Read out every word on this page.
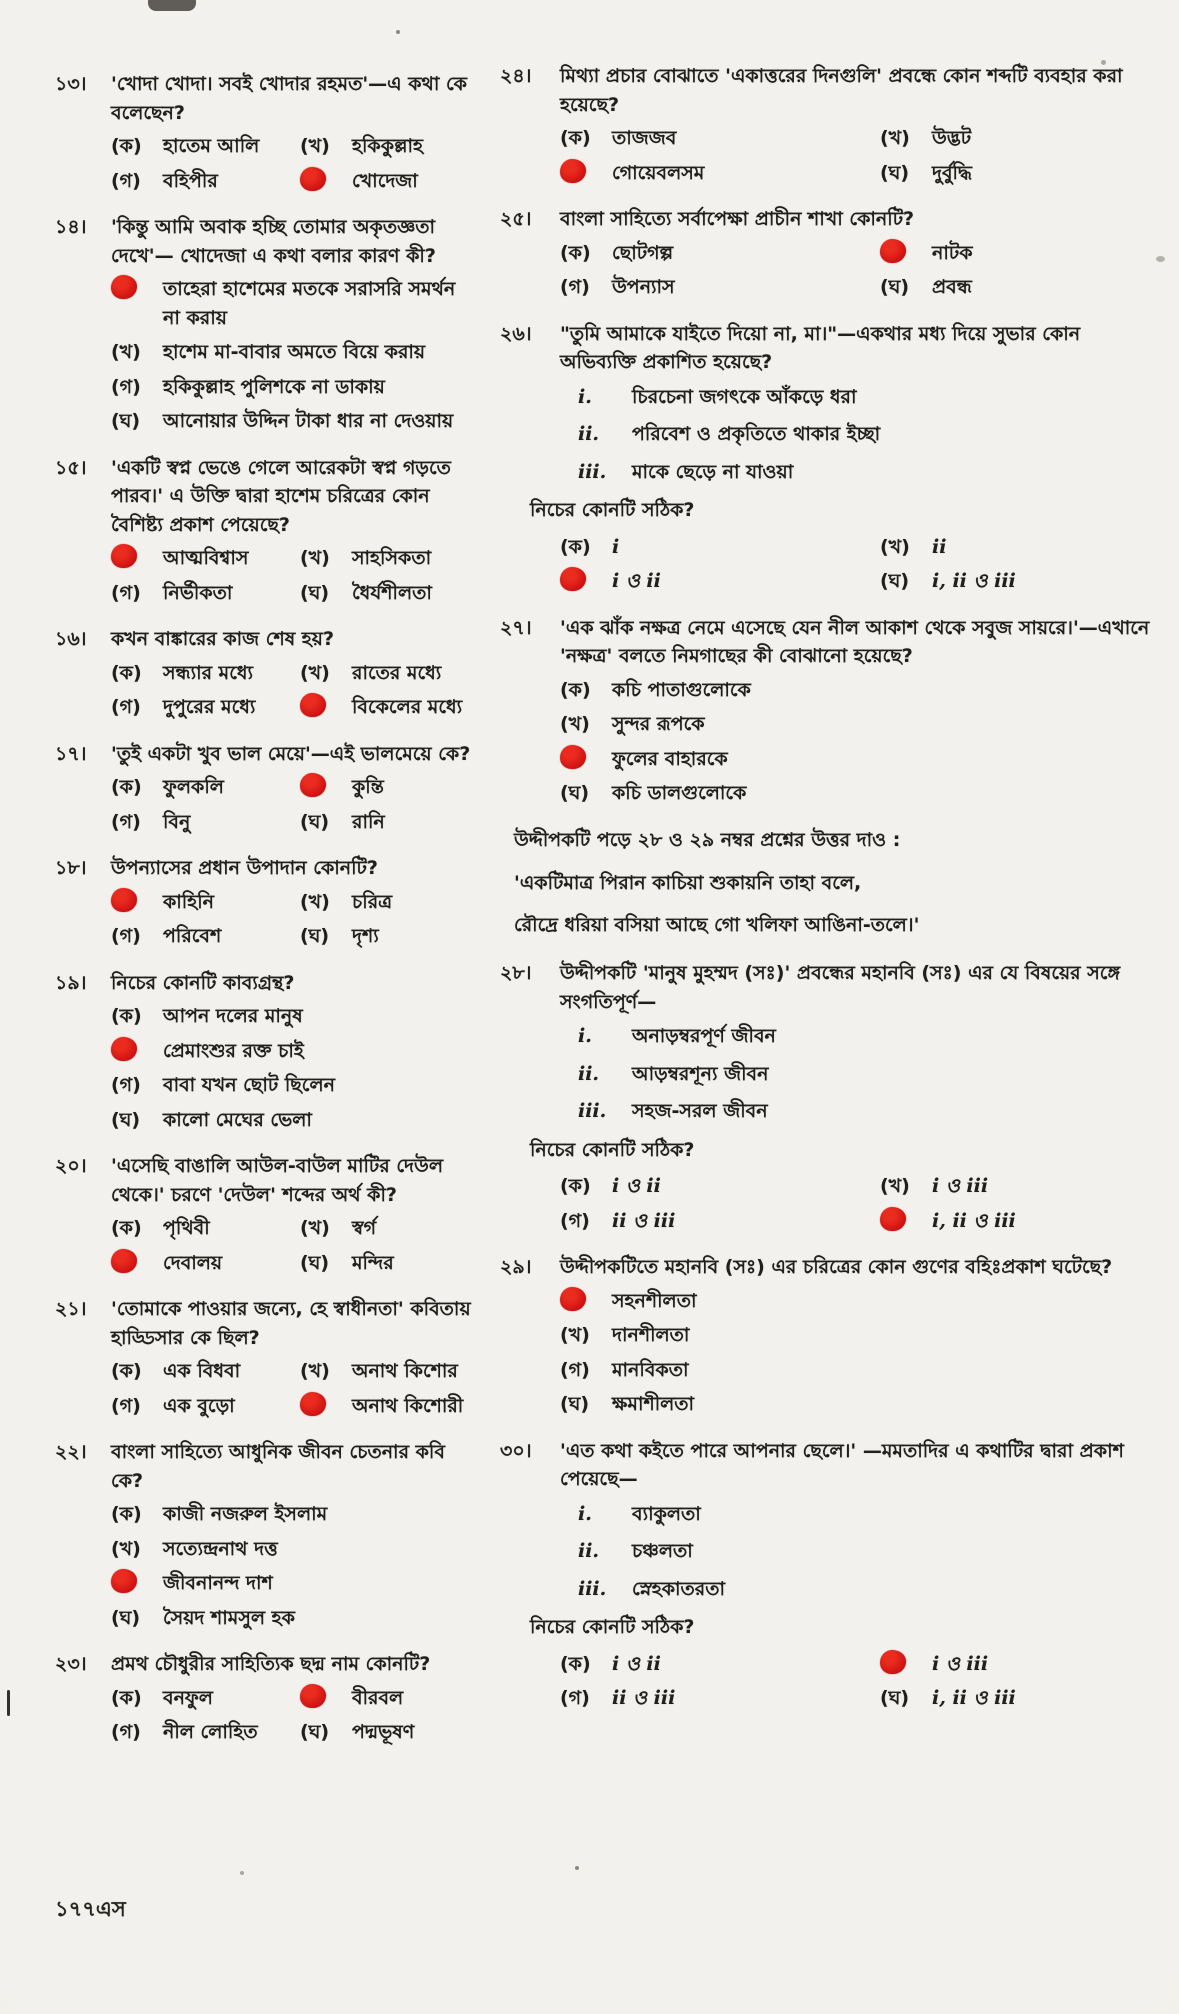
১৩।	'খোদা খোদা। সবই খোদার রহমত'—এ কথা কে বলেছেন?
(ক)	হাতেম আলি (খ)	হকিকুল্লাহ
(গ)	বহিপীর	খোদেজা
১৪।	'কিন্তু আমি অবাক হচ্ছি তোমার অকৃতজ্ঞতা দেখে'— খোদেজা এ কথা বলার কারণ কী?
তাহেরা হাশেমের মতকে সরাসরি সমর্থন না করায়
(খ)	হাশেম মা-বাবার অমতে বিয়ে করায়
(গ)	হকিকুল্লাহ পুলিশকে না ডাকায়
(ঘ)	আনোয়ার উদ্দিন টাকা ধার না দেওয়ায়
১৫।	'একটি স্বপ্ন ভেঙে গেলে আরেকটা স্বপ্ন গড়তে পারব।' এ উক্তি দ্বারা হাশেম চরিত্রের কোন বৈশিষ্ট্য প্রকাশ পেয়েছে?
আত্মবিশ্বাস	(খ)	সাহসিকতা
(গ)	নির্ভীকতা	(ঘ)	ধৈর্যশীলতা
১৬।	কখন বাঙ্কারের কাজ শেষ হয়?
(ক)	সন্ধ্যার মধ্যে (খ)	রাতের মধ্যে
(গ)	দুপুরের মধ্যে	বিকেলের মধ্যে
১৭।	'তুই একটা খুব ভাল মেয়ে'—এই ভালমেয়ে কে?
(ক)	ফুলকলি	কুন্তি
(গ)	বিনু	(ঘ)	রানি
১৮।	উপন্যাসের প্রধান উপাদান কোনটি?
কাহিনি	(খ)	চরিত্র
(গ)	পরিবেশ	(ঘ)	দৃশ্য
১৯।	নিচের কোনটি কাব্যগ্রন্থ?
(ক)	আপন দলের মানুষ
প্রেমাংশুর রক্ত চাই
(গ)	বাবা যখন ছোট ছিলেন
(ঘ)	কালো মেঘের ভেলা
২০।	'এসেছি বাঙালি আউল-বাউল মাটির দেউল থেকে।' চরণে 'দেউল' শব্দের অর্থ কী?
(ক)	পৃথিবী	(খ)	স্বর্গ
দেবালয়	(ঘ)	মন্দির
২১।	'তোমাকে পাওয়ার জন্যে, হে স্বাধীনতা' কবিতায় হাড্ডিসার কে ছিল?
(ক)	এক বিধবা	(খ)	অনাথ কিশোর
(গ)	এক বুড়ো	অনাথ কিশোরী
২২।	বাংলা সাহিত্যে আধুনিক জীবন চেতনার কবি কে?
(ক)	কাজী নজরুল ইসলাম
(খ)	সত্যেন্দ্রনাথ দত্ত
জীবনানন্দ দাশ
(ঘ)	সৈয়দ শামসুল হক
২৩।	প্রমথ চৌধুরীর সাহিত্যিক ছদ্ম নাম কোনটি?
(ক)	বনফুল	বীরবল
(গ)	নীল লোহিত (ঘ)	পদ্মভূষণ
২৪।	মিথ্যা প্রচার বোঝাতে 'একাত্তরের দিনগুলি' প্রবন্ধে কোন শব্দটি ব্যবহার করা হয়েছে?
(ক)	তাজজব	(খ)	উদ্ভট
গোয়েবলসম	(ঘ)	দুর্বুদ্ধি
২৫।	বাংলা সাহিত্যে সর্বাপেক্ষা প্রাচীন শাখা কোনটি?
(ক)	ছোটগল্প	নাটক
(গ)	উপন্যাস	(ঘ)	প্রবন্ধ
২৬।	"তুমি আমাকে যাইতে দিয়ো না, মা।"—একথার মধ্য দিয়ে সুভার কোন অভিব্যক্তি প্রকাশিত হয়েছে?
i.	চিরচেনা জগৎকে আঁকড়ে ধরা
ii.	পরিবেশ ও প্রকৃতিতে থাকার ইচ্ছা
iii.	মাকে ছেড়ে না যাওয়া
নিচের কোনটি সঠিক?
(ক)	i	(খ)	ii
i ও ii	(ঘ)	i, ii ও iii
২৭।	'এক ঝাঁক নক্ষত্র নেমে এসেছে যেন নীল আকাশ থেকে সবুজ সায়রে।'—এখানে 'নক্ষত্র' বলতে নিমগাছের কী বোঝানো হয়েছে?
(ক)	কচি পাতাগুলোকে
(খ)	সুন্দর রূপকে
ফুলের বাহারকে
(ঘ)	কচি ডালগুলোকে
উদ্দীপকটি পড়ে ২৮ ও ২৯ নম্বর প্রশ্নের উত্তর দাও :
'একটিমাত্র পিরান কাচিয়া শুকায়নি তাহা বলে,
রৌদ্রে ধরিয়া বসিয়া আছে গো খলিফা আঙিনা-তলে।'
২৮।	উদ্দীপকটি 'মানুষ মুহম্মদ (সঃ)' প্রবন্ধের মহানবি (সঃ) এর যে বিষয়ের সঙ্গে সংগতিপূর্ণ—
i.	অনাড়ম্বরপূর্ণ জীবন
ii.	আড়ম্বরশূন্য জীবন
iii.	সহজ-সরল জীবন
নিচের কোনটি সঠিক?
(ক)	i ও ii	(খ)	i ও iii
(গ)	ii ও iii	i, ii ও iii
২৯।	উদ্দীপকটিতে মহানবি (সঃ) এর চরিত্রের কোন গুণের বহিঃপ্রকাশ ঘটেছে?
সহনশীলতা
(খ)	দানশীলতা
(গ)	মানবিকতা
(ঘ)	ক্ষমাশীলতা
৩০।	'এত কথা কইতে পারে আপনার ছেলে।' —মমতাদির এ কথাটির দ্বারা প্রকাশ পেয়েছে—
i.	ব্যাকুলতা
ii.	চঞ্চলতা
iii.	স্নেহকাতরতা
নিচের কোনটি সঠিক?
(ক)	i ও ii	i ও iii
(গ)	ii ও iii	(ঘ)	i, ii ও iii
১৭৭এস
